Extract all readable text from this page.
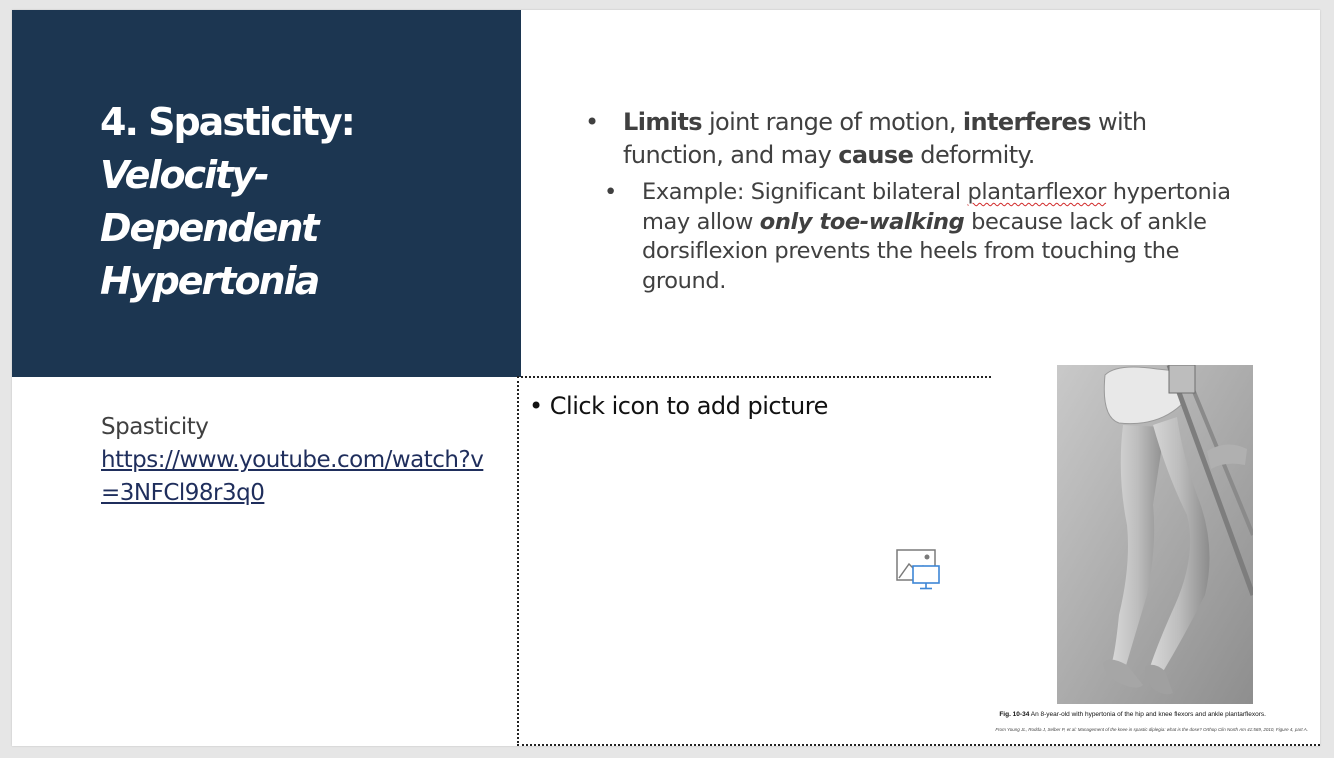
4. Spasticity:
Velocity-
Dependent
Hypertonia
• Limits joint range of motion, interferes with function, and may cause deformity.
• Example: Significant bilateral plantarflexor hypertonia may allow only toe-walking because lack of ankle dorsiflexion prevents the heels from touching the ground.
Spasticity
https://www.youtube.com/watch?v=3NFCl98r3q0
• Click icon to add picture
Fig. 10-34 An 8-year-old with hypertonia of the hip and knee flexors and ankle plantarflexors.
From Young JL, Rodda J, Selber P, et al: Management of the knee in spastic diplegia: what is the dose? Orthop Clin North Am 41:569, 2010, Figure 4, part A.
